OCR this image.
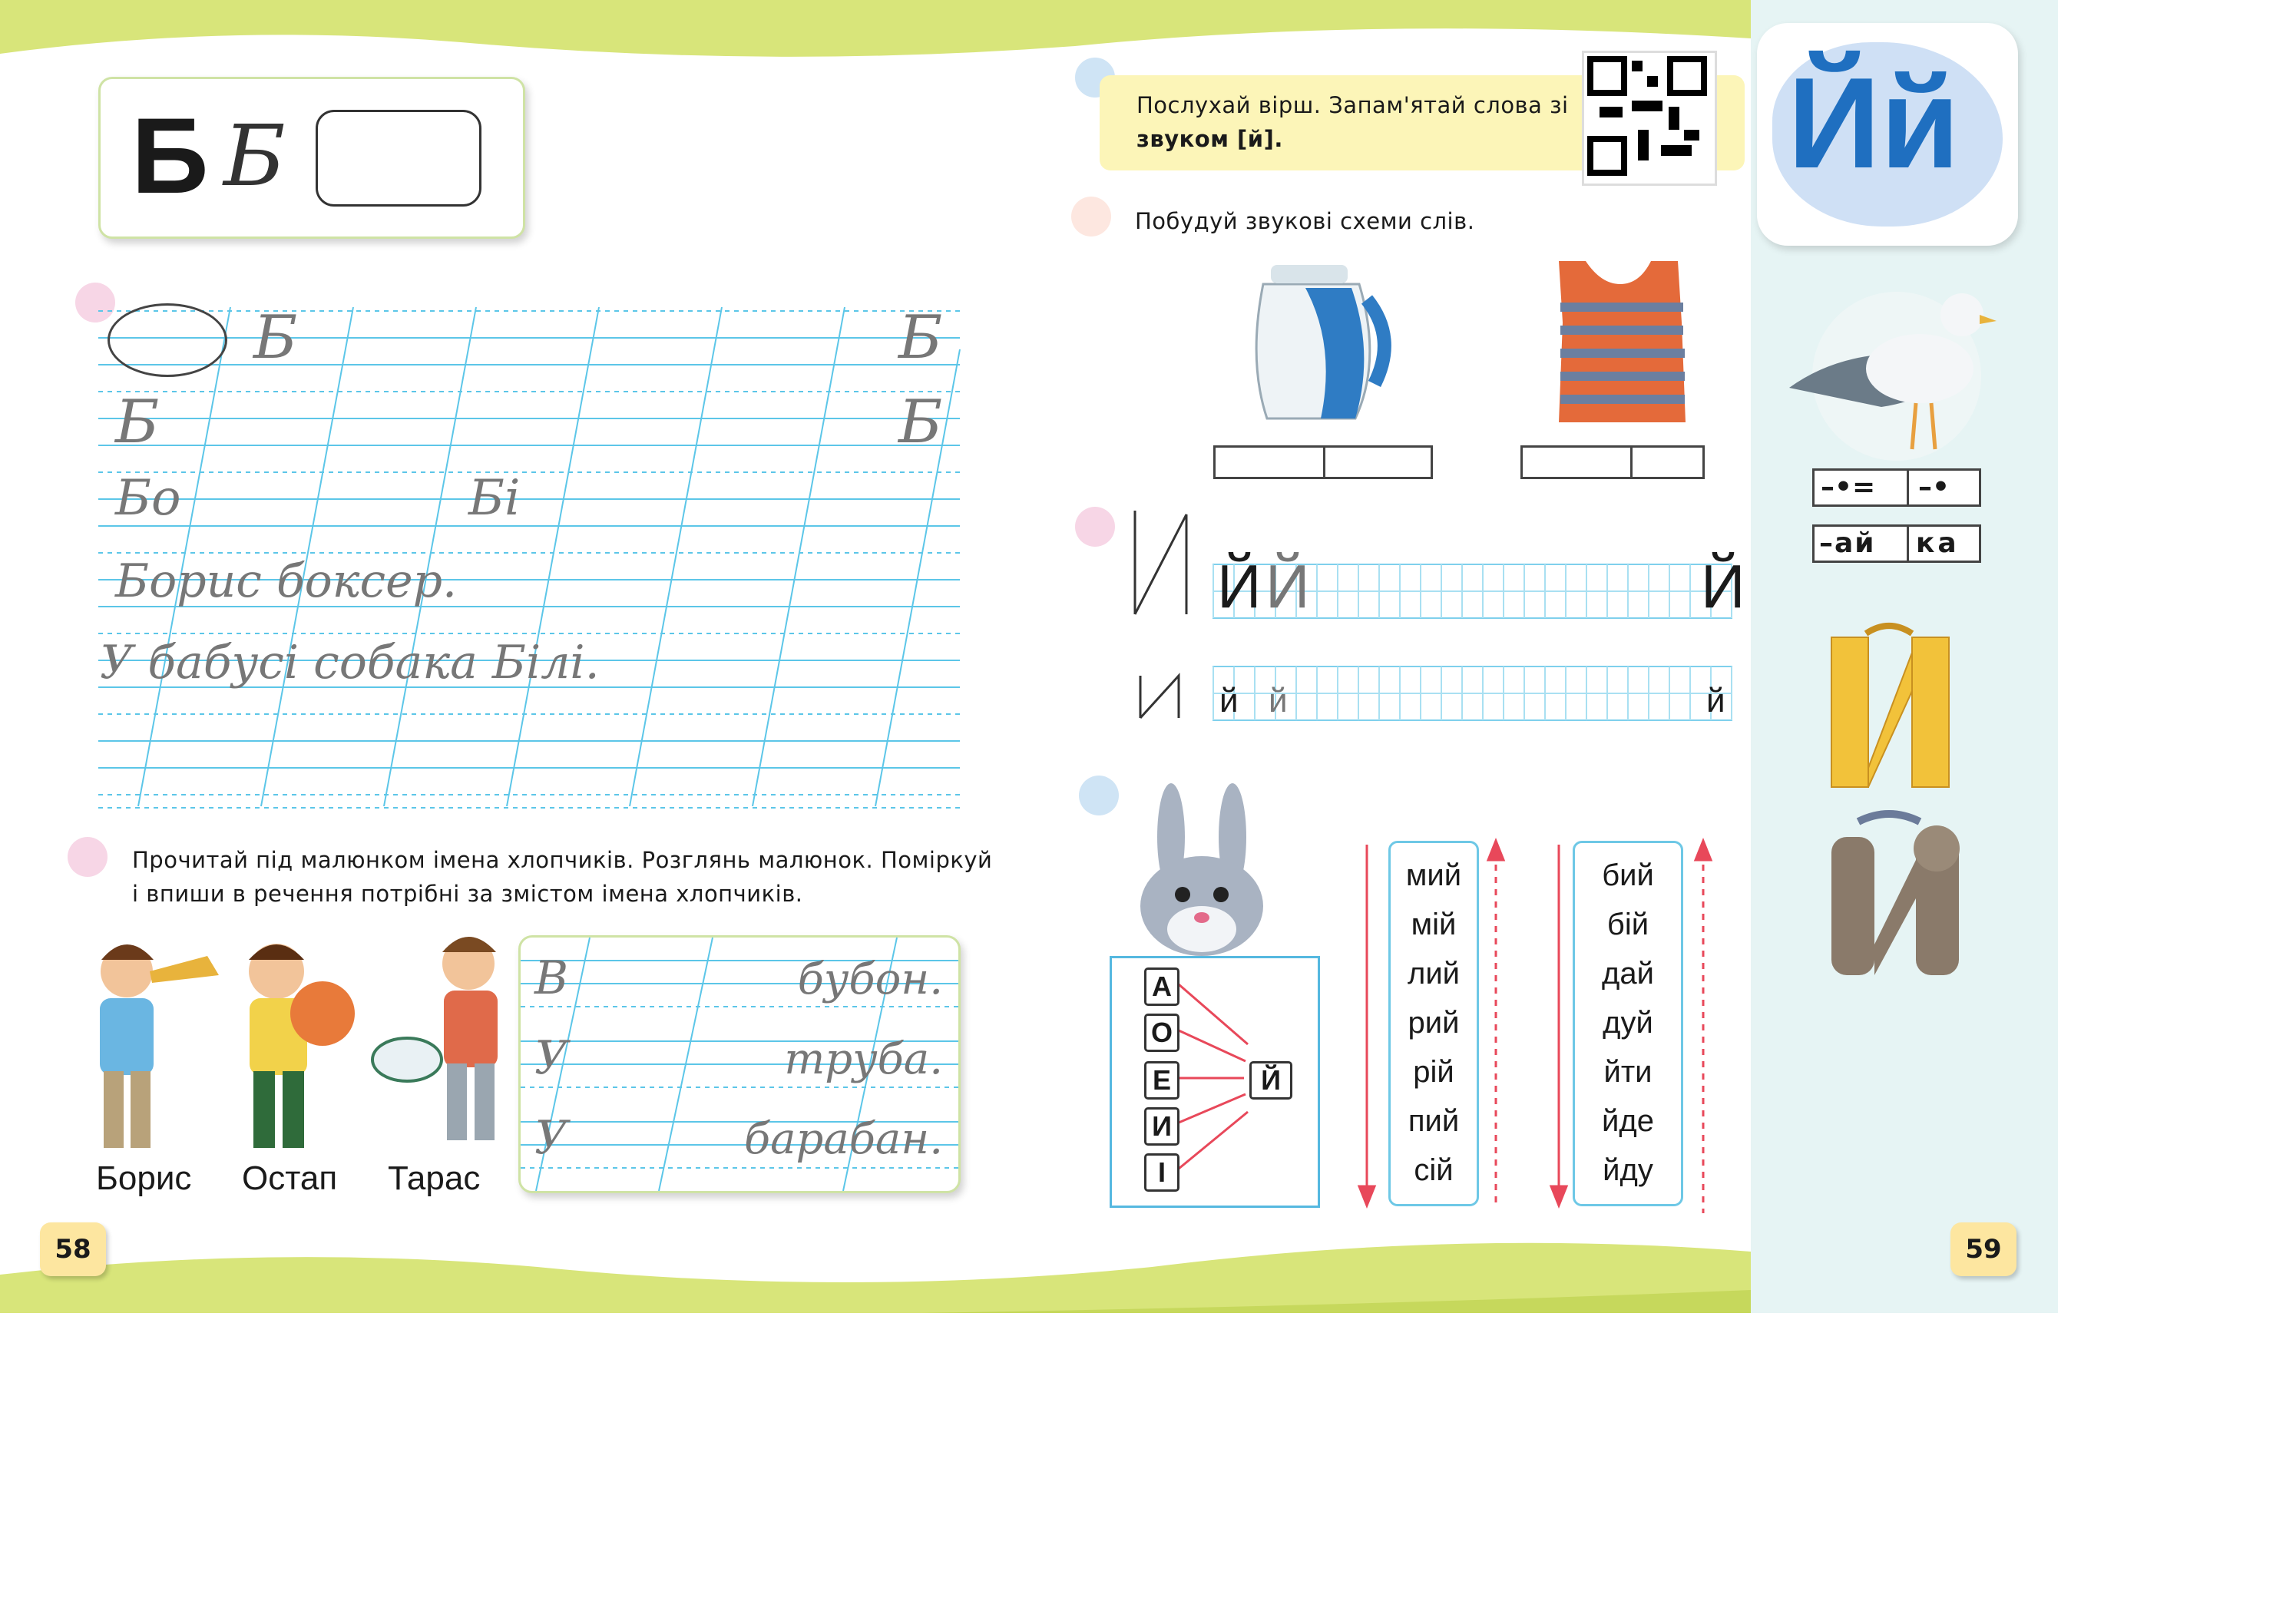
Б Б
Б	Б
Б	Б
Бо	Бі
Борис боксер.
У бабусі собака Білі.
Прочитай під малюнком імена хлопчиків. Розглянь малюнок. Поміркуй
і впиши в речення потрібні за змістом імена хлопчиків.
Борис Остап Тарас
В	бубон.
У	труба.
У	барабан.
58
Послухай вірш. Запам'ятай слова зі
звуком [й].
Побудуй звукові схеми слів.
Й Й	Й
й й	й
А
О
Е
И
І
Й
мий
мій
лий
рий
рій
пий
сій
бий
бій
дай
дуй
йти
йде
йду
Йй
–•= –•
–ай ка
59
